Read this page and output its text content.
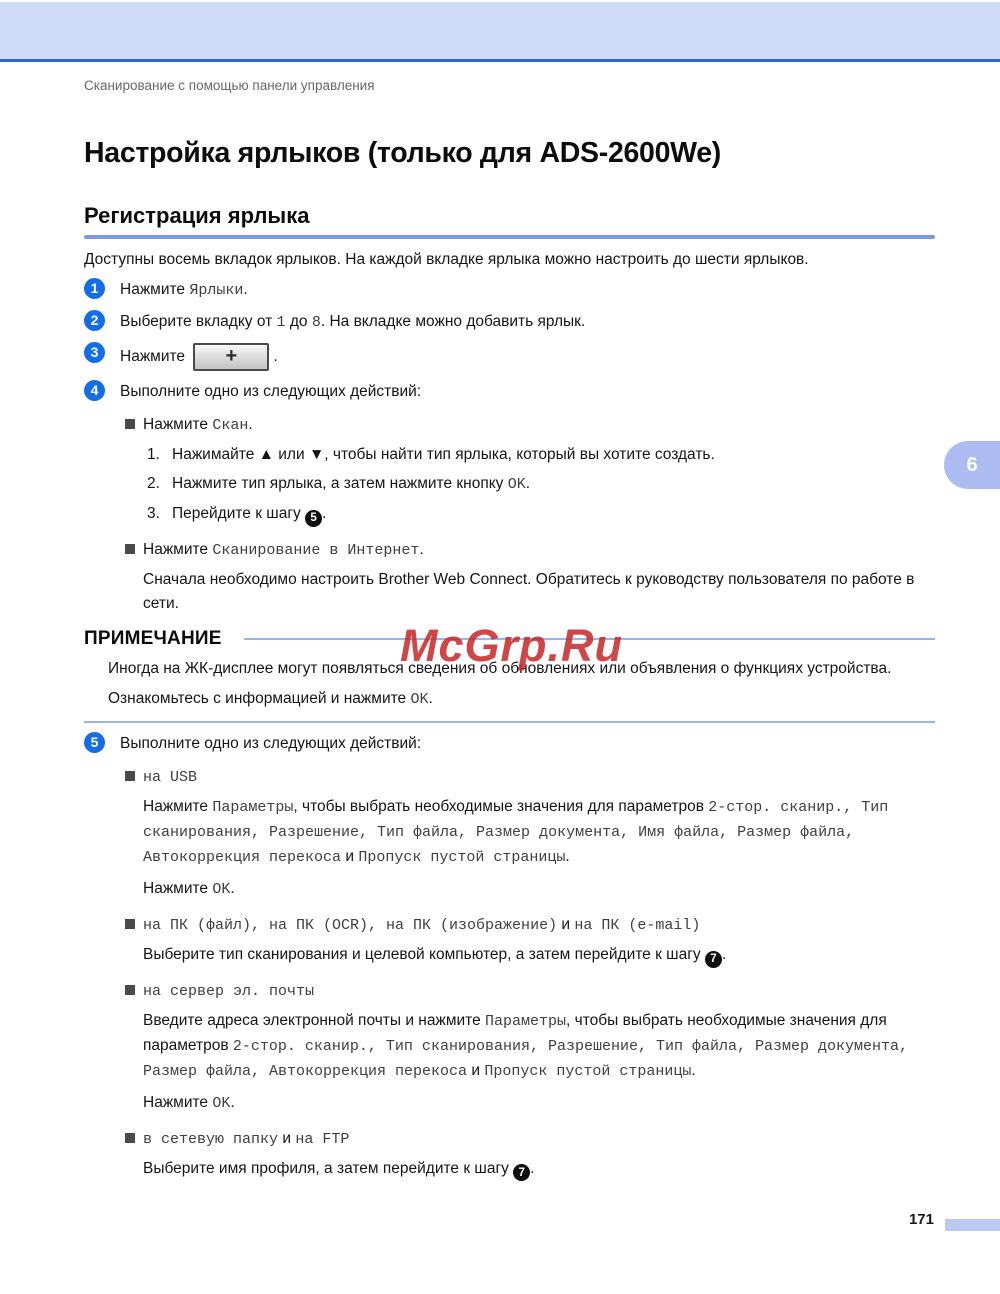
Сканирование с помощью панели управления
Настройка ярлыков (только для ADS-2600We)
Регистрация ярлыка
Доступны восемь вкладок ярлыков. На каждой вкладке ярлыка можно настроить до шести ярлыков.
1	Нажмите Ярлыки.
2	Выберите вкладку от 1 до 8. На вкладке можно добавить ярлык.
3	Нажмите + .
4	Выполните одно из следующих действий:
Нажмите Скан.
1. Нажимайте ▲ или ▼, чтобы найти тип ярлыка, который вы хотите создать.
2. Нажмите тип ярлыка, а затем нажмите кнопку OK.
3. Перейдите к шагу 5 .
Нажмите Сканирование в Интернет.
Сначала необходимо настроить Brother Web Connect. Обратитесь к руководству пользователя по работе в сети.
ПРИМЕЧАНИЕ
Иногда на ЖК-дисплее могут появляться сведения об обновлениях или объявления о функциях устройства.
Ознакомьтесь с информацией и нажмите OK.
5	Выполните одно из следующих действий:
на USB
Нажмите Параметры, чтобы выбрать необходимые значения для параметров 2-стор. сканир., Тип сканирования, Разрешение, Тип файла, Размер документа, Имя файла, Размер файла, Автокоррекция перекоса и Пропуск пустой страницы.
Нажмите OK.
на ПК (файл), на ПК (OCR), на ПК (изображение) и на ПК (e-mail)
Выберите тип сканирования и целевой компьютер, а затем перейдите к шагу 7 .
на сервер эл. почты
Введите адреса электронной почты и нажмите Параметры, чтобы выбрать необходимые значения для параметров 2-стор. сканир., Тип сканирования, Разрешение, Тип файла, Размер документа, Размер файла, Автокоррекция перекоса и Пропуск пустой страницы.
Нажмите OK.
в сетевую папку и на FTP
Выберите имя профиля, а затем перейдите к шагу 7 .
McGrp.Ru
6
171
